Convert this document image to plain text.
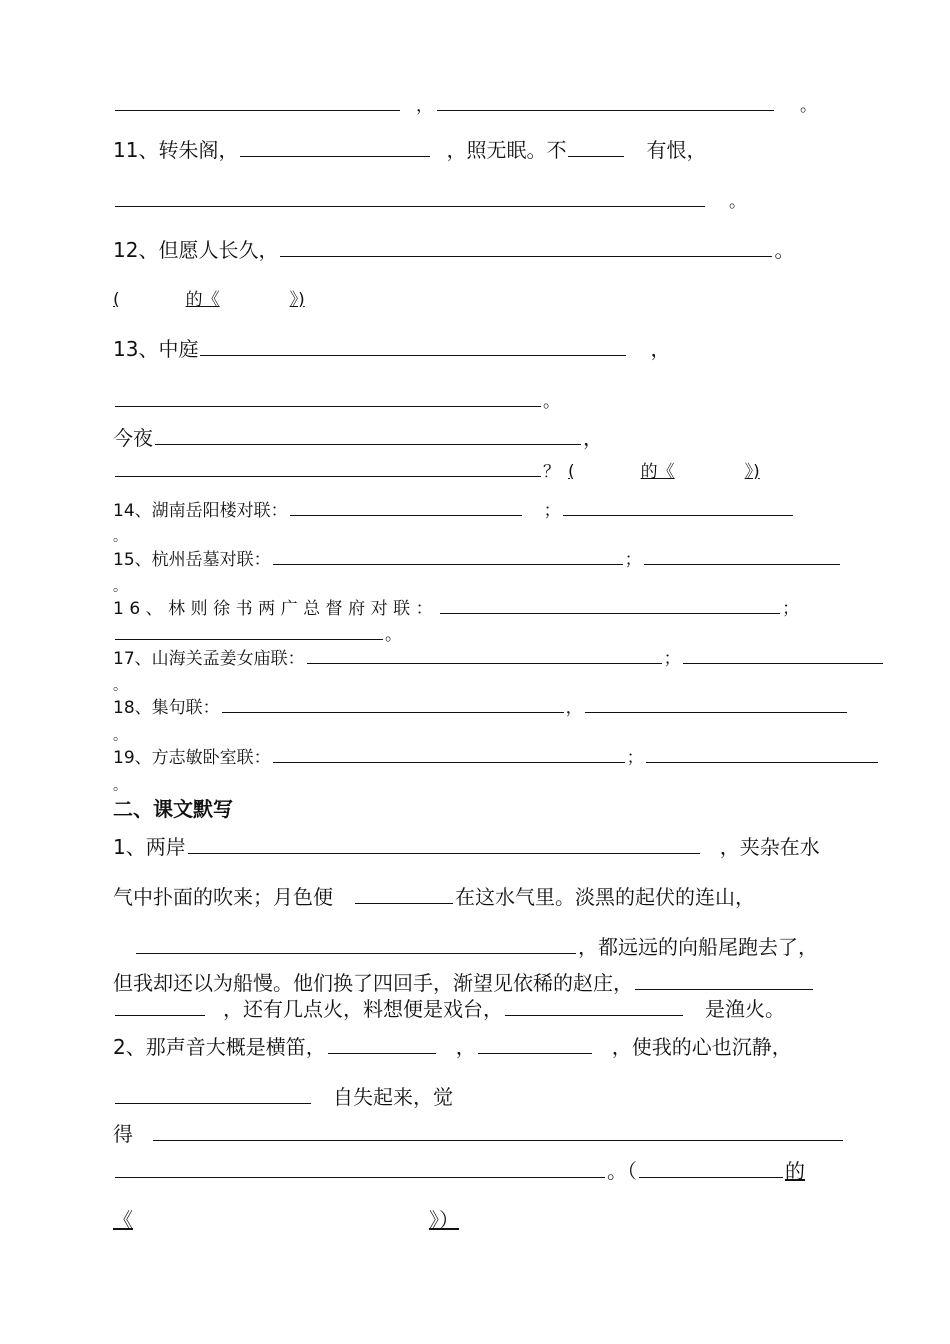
，	。
11、转朱阁，	，照无眠。不	有恨，
。
12、但愿人长久，	。
(	的《	》)
13、中庭	，
。
今夜	，
？ (	的《	》)
14、湖南岳阳楼对联：	；
。
15、杭州岳墓对联：	；
。
16、林则徐书两广总督府对联：	；
。
17、山海关孟姜女庙联：	；
。
18、集句联：	，
。
19、方志敏卧室联：	；
。
二、课文默写
1、两岸	，夹杂在水
气中扑面的吹来；月色便	在这水气里。淡黑的起伏的连山，
，都远远的向船尾跑去了，
但我却还以为船慢。他们换了四回手，渐望见依稀的赵庄，
，还有几点火，料想便是戏台，	是渔火。
2、那声音大概是横笛，	，	，使我的心也沉静，
自失起来，觉
得
。（	的
《	》）
